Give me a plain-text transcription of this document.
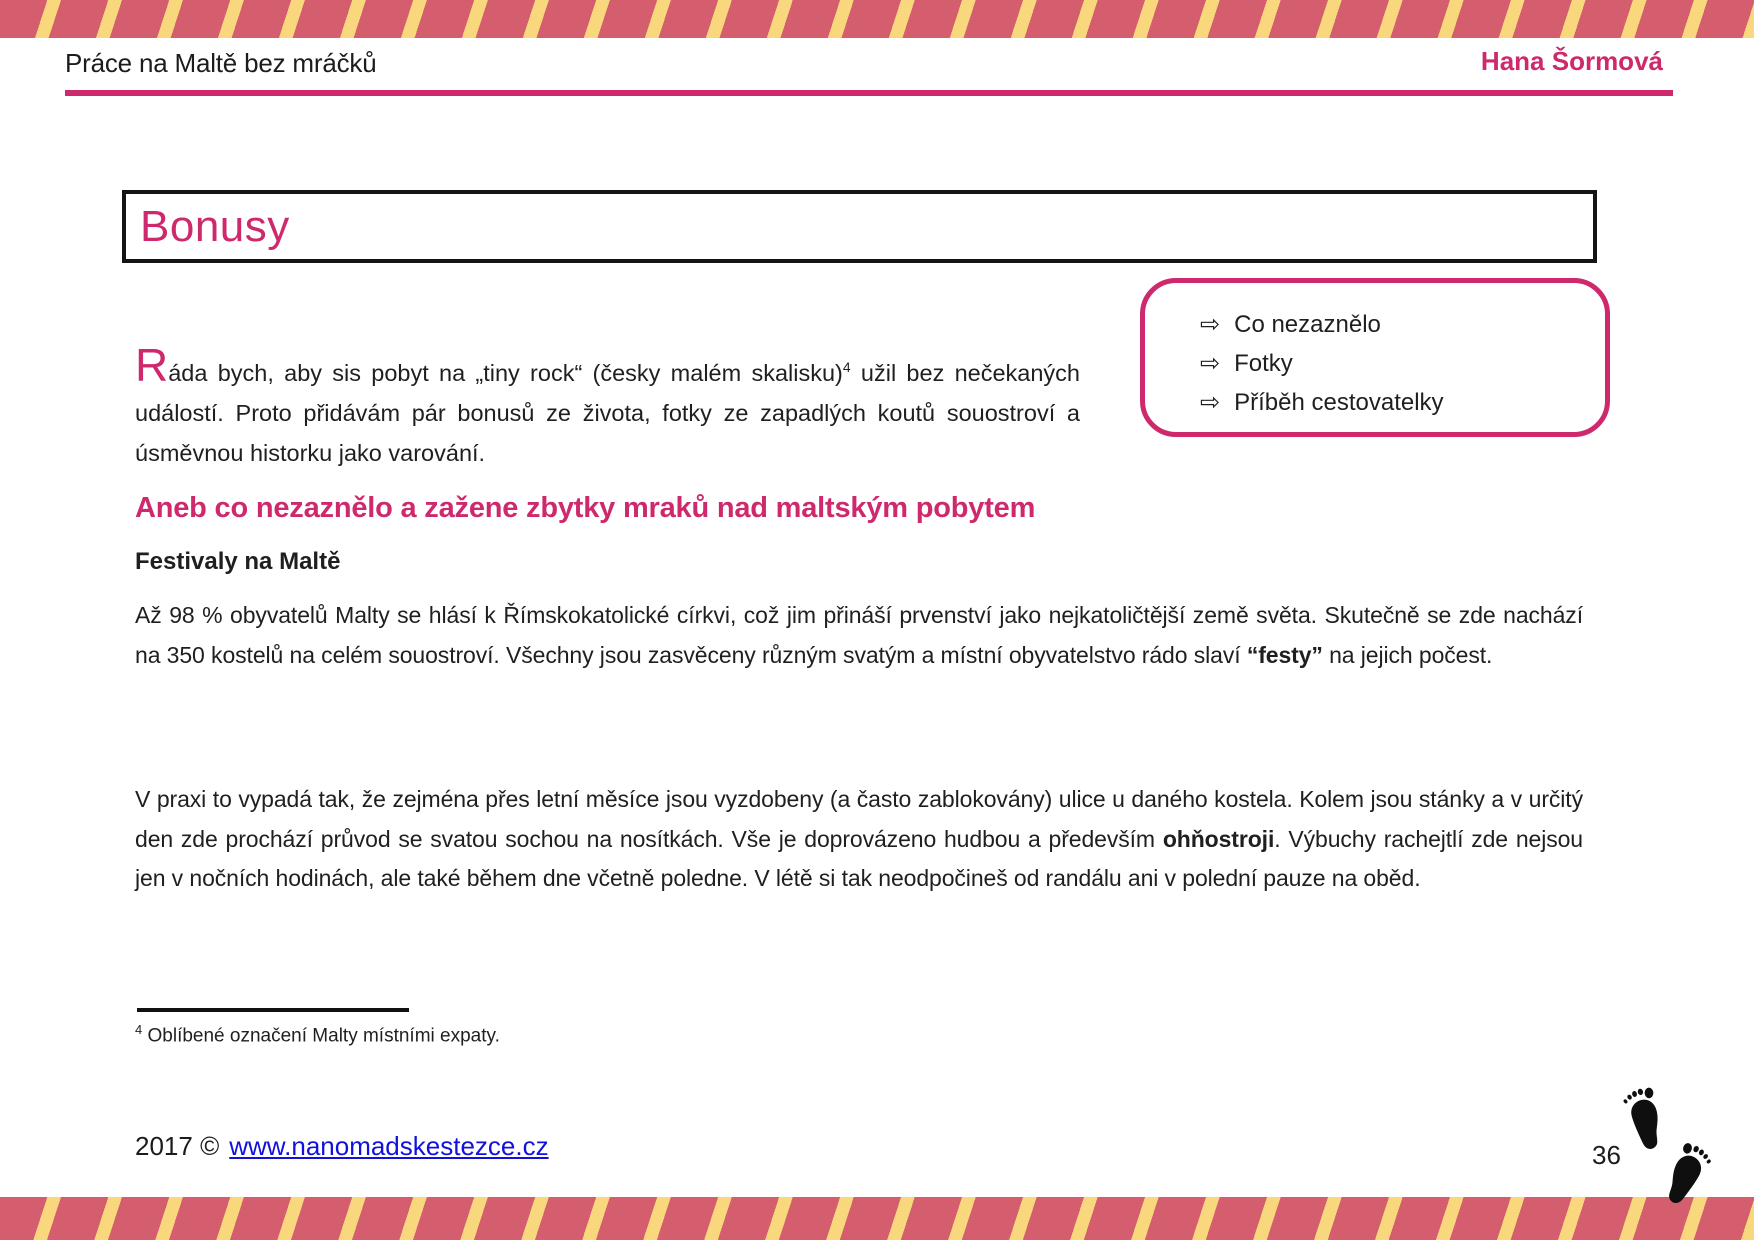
Práce na Maltě bez mráčků	Hana Šormová
Bonusy

Ráda bych, aby sis pobyt na „tiny rock“ (česky malém skalisku)$^4$ užil bez nečekaných událostí. Proto přidávám pár bonusů ze života, fotky ze zapadlých koutů souostroví a úsměvnou historku jako varování.

⇨ Co nezaznělo
⇨ Fotky
⇨ Příběh cestovatelky
Aneb co nezaznělo a zažene zbytky mraků nad maltským pobytem
Festivaly na Maltě

Až 98 % obyvatelů Malty se hlásí k Římskokatolické církvi, což jim přináší prvenství jako nejkatoličtější země světa. Skutečně se zde nachází na 350 kostelů na celém souostroví. Všechny jsou zasvěceny různým svatým a místní obyvatelstvo rádo slaví “festy” na jejich počest.

V praxi to vypadá tak, že zejména přes letní měsíce jsou vyzdobeny (a často zablokovány) ulice u daného kostela. Kolem jsou stánky a v určitý den zde prochází průvod se svatou sochou na nosítkách. Vše je doprovázeno hudbou a především ohňostroji. Výbuchy rachejtlí zde nejsou jen v nočních hodinách, ale také během dne včetně poledne. V létě si tak neodpočineš od randálu ani v polední pauze na oběd.

$^4$ Oblíbené označení Malty místními expaty.
2017 © www.nanomadskestezce.cz	36
